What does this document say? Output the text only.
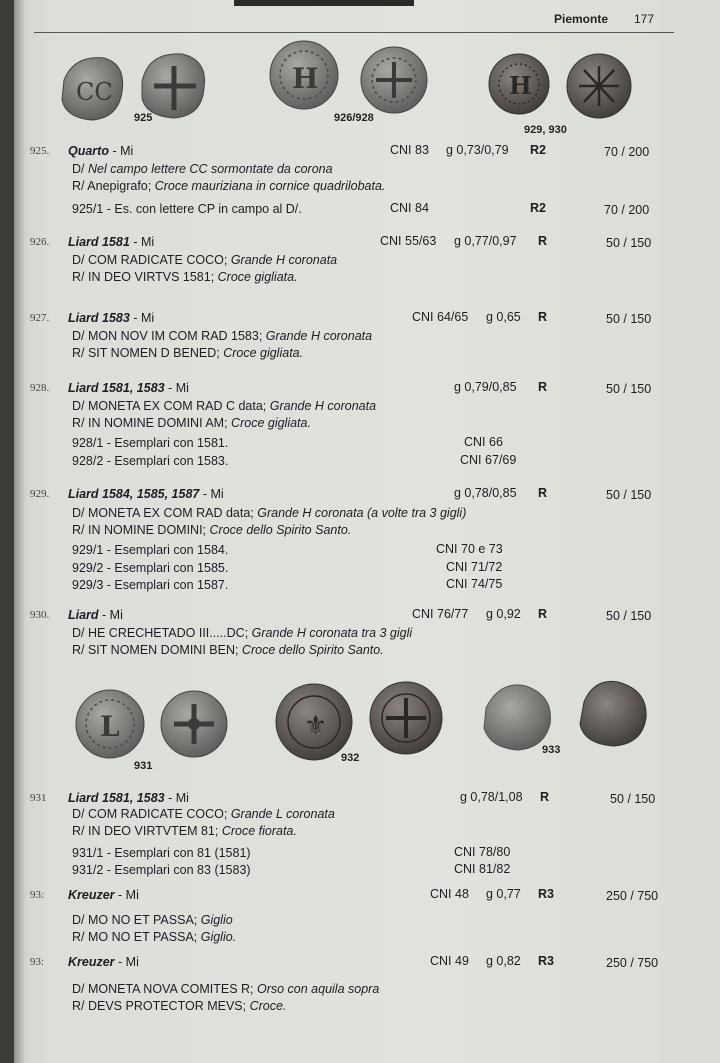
Piemonte 177
CC	H	H
925	926/928
929, 930
925. Quarto - Mi	CNI 83 g 0,73/0,79 R2	70 / 200
D/ Nel campo lettere CC sormontate da corona
R/ Anepigrafo; Croce mauriziana in cornice quadrilobata.
925/1 - Es. con lettere CP in campo al D/.	CNI 84	R2	70 / 200
926. Liard 1581 - Mi	CNI 55/63 g 0,77/0,97 R	50 / 150
D/ COM RADICATE COCO; Grande H coronata
R/ IN DEO VIRTVS 1581; Croce gigliata.
927. Liard 1583 - Mi	CNI 64/65 g 0,65 R	50 / 150
D/ MON NOV IM COM RAD 1583; Grande H coronata
R/ SIT NOMEN D BENED; Croce gigliata.
928. Liard 1581, 1583 - Mi	g 0,79/0,85 R	50 / 150
D/ MONETA EX COM RAD C data; Grande H coronata
R/ IN NOMINE DOMINI AM; Croce gigliata.
928/1 - Esemplari con 1581.	CNI 66
928/2 - Esemplari con 1583.	CNI 67/69
929. Liard 1584, 1585, 1587 - Mi	g 0,78/0,85 R	50 / 150
D/ MONETA EX COM RAD data; Grande H coronata (a volte tra 3 gigli)
R/ IN NOMINE DOMINI; Croce dello Spirito Santo.
929/1 - Esemplari con 1584.	CNI 70 e 73
929/2 - Esemplari con 1585.	CNI 71/72
929/3 - Esemplari con 1587.	CNI 74/75
930. Liard - Mi	CNI 76/77 g 0,92 R	50 / 150
D/ HE CRECHETADO III.....DC; Grande H coronata tra 3 gigli
R/ SIT NOMEN DOMINI BEN; Croce dello Spirito Santo.
931 Liard 1581, 1583 - Mi	g 0,78/1,08 R	50 / 150
D/ COM RADICATE COCO; Grande L coronata
R/ IN DEO VIRTVTEM 81; Croce fiorata.
931/1 - Esemplari con 81 (1581)	CNI 78/80
931/2 - Esemplari con 83 (1583)	CNI 81/82
93: Kreuzer - Mi	CNI 48 g 0,77 R3	250 / 750
D/ MO NO ET PASSA; Giglio
R/ MO NO ET PASSA; Giglio.
93: Kreuzer - Mi	CNI 49 g 0,82 R3	250 / 750
D/ MONETA NOVA COMITES R; Orso con aquila sopra
R/ DEVS PROTECTOR MEVS; Croce.
L	⚜
931
932
933
